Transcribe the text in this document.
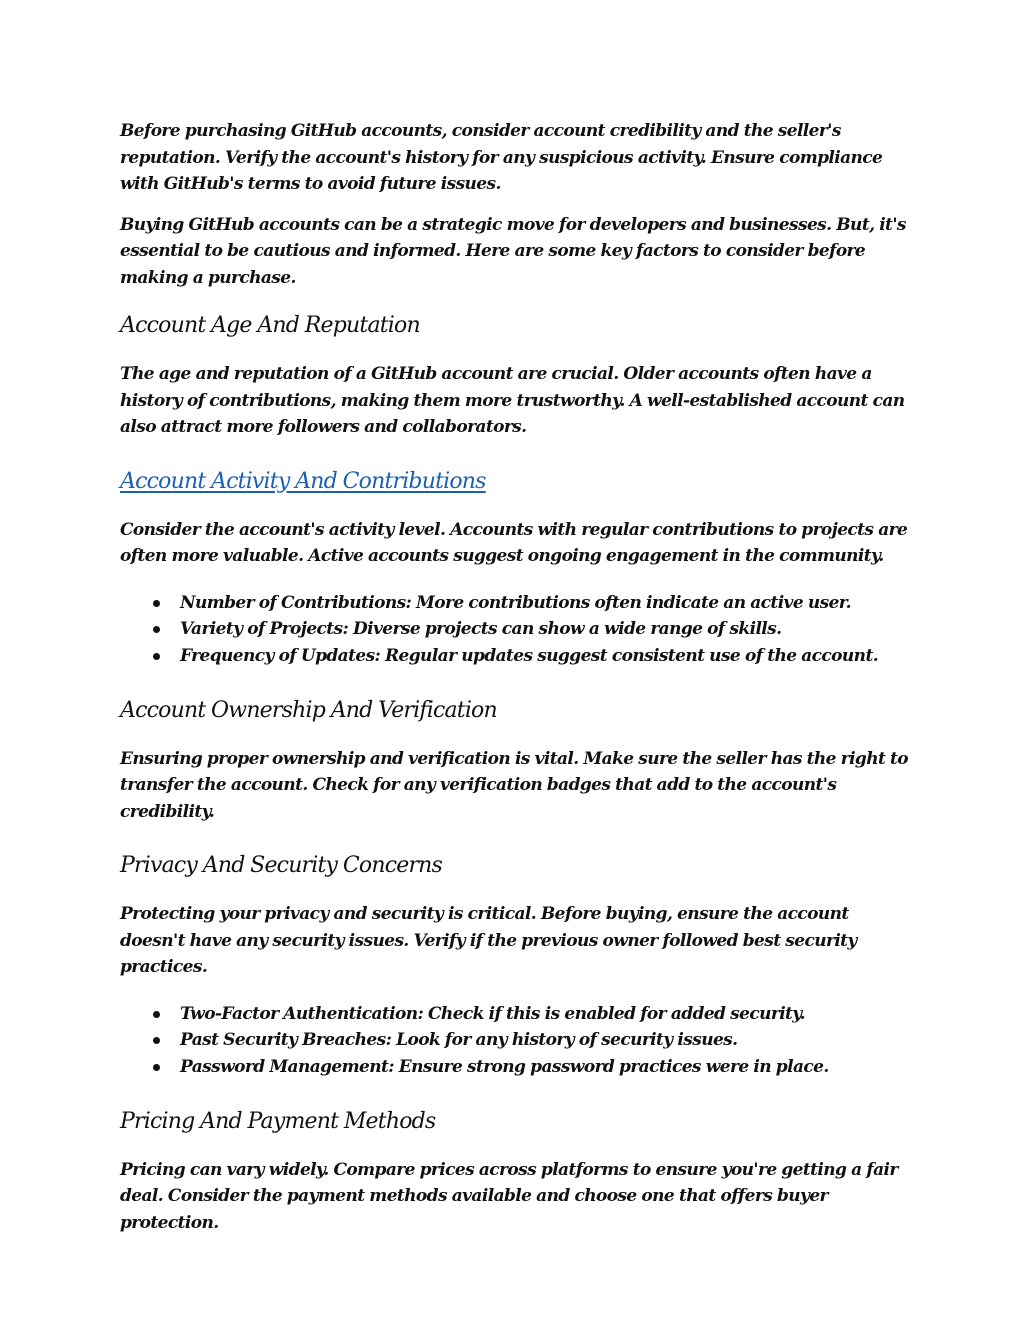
Before purchasing GitHub accounts, consider account credibility and the seller's reputation. Verify the account's history for any suspicious activity. Ensure compliance with GitHub's terms to avoid future issues.

Buying GitHub accounts can be a strategic move for developers and businesses. But, it's essential to be cautious and informed. Here are some key factors to consider before making a purchase.

Account Age And Reputation

The age and reputation of a GitHub account are crucial. Older accounts often have a history of contributions, making them more trustworthy. A well-established account can also attract more followers and collaborators.

Account Activity And Contributions

Consider the account's activity level. Accounts with regular contributions to projects are often more valuable. Active accounts suggest ongoing engagement in the community.

Number of Contributions: More contributions often indicate an active user.
Variety of Projects: Diverse projects can show a wide range of skills.
Frequency of Updates: Regular updates suggest consistent use of the account.
Account Ownership And Verification

Ensuring proper ownership and verification is vital. Make sure the seller has the right to transfer the account. Check for any verification badges that add to the account's credibility.

Privacy And Security Concerns

Protecting your privacy and security is critical. Before buying, ensure the account doesn't have any security issues. Verify if the previous owner followed best security practices.

Two-Factor Authentication: Check if this is enabled for added security.
Past Security Breaches: Look for any history of security issues.
Password Management: Ensure strong password practices were in place.
Pricing And Payment Methods

Pricing can vary widely. Compare prices across platforms to ensure you're getting a fair deal. Consider the payment methods available and choose one that offers buyer protection.
